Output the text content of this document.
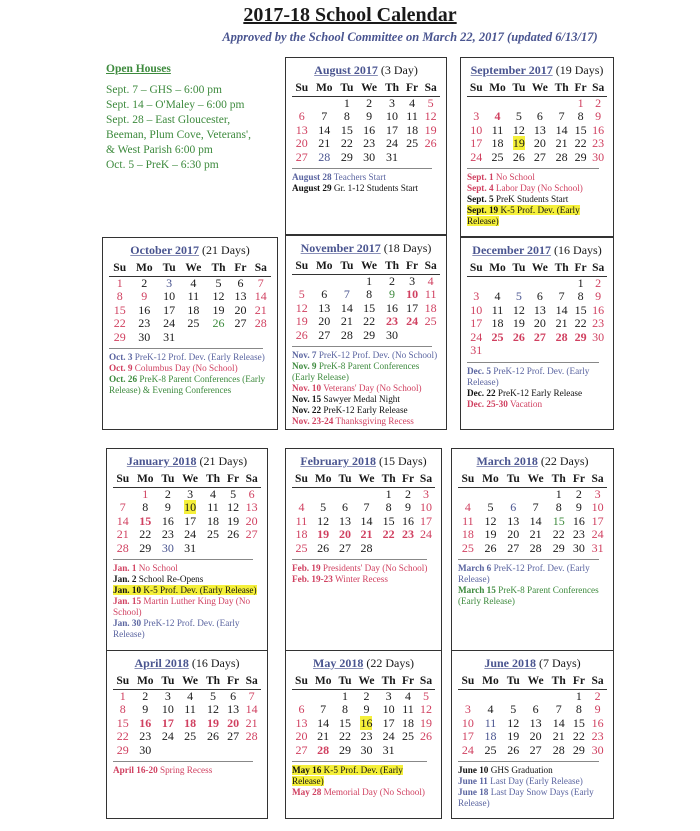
2017-18 School Calendar
Approved by the School Committee on March 22, 2017 (updated 6/13/17)
Open Houses
Sept. 7 – GHS – 6:00 pm
Sept. 14 – O'Maley – 6:00 pm
Sept. 28 – East Gloucester,
Beeman, Plum Cove, Veterans',
& West Parish 6:00 pm
Oct. 5 – PreK – 6:30 pm
August 2017 (3 Day)
Su	Mo	Tu	We	Th	Fr	Sa
		1	2	3	4	5
6	7	8	9	10	11	12
13	14	15	16	17	18	19
20	21	22	23	24	25	26
27	28	29	30	31		
August 28 Teachers Start
August 29 Gr. 1-12 Students Start
September 2017 (19 Days)
Su	Mo	Tu	We	Th	Fr	Sa
					1	2
3	4	5	6	7	8	9
10	11	12	13	14	15	16
17	18	19	20	21	22	23
24	25	26	27	28	29	30
Sept. 1 No School
Sept. 4 Labor Day (No School)
Sept. 5 PreK Students Start
Sept. 19 K-5 Prof. Dev. (Early Release)
October 2017 (21 Days)
Su	Mo	Tu	We	Th	Fr	Sa
1	2	3	4	5	6	7
8	9	10	11	12	13	14
15	16	17	18	19	20	21
22	23	24	25	26	27	28
29	30	31				
Oct. 3 PreK-12 Prof. Dev. (Early Release)
Oct. 9 Columbus Day (No School)
Oct. 26 PreK-8 Parent Conferences (Early Release) & Evening Conferences
November 2017 (18 Days)
Su	Mo	Tu	We	Th	Fr	Sa
			1	2	3	4
5	6	7	8	9	10	11
12	13	14	15	16	17	18
19	20	21	22	23	24	25
26	27	28	29	30		
Nov. 7 PreK-12 Prof. Dev. (No School)
Nov. 9 PreK-8 Parent Conferences (Early Release)
Nov. 10 Veterans' Day (No School)
Nov. 15 Sawyer Medal Night
Nov. 22 PreK-12 Early Release
Nov. 23-24 Thanksgiving Recess
December 2017 (16 Days)
Su	Mo	Tu	We	Th	Fr	Sa
					1	2
3	4	5	6	7	8	9
10	11	12	13	14	15	16
17	18	19	20	21	22	23
24	25	26	27	28	29	30
31						
Dec. 5 PreK-12 Prof. Dev. (Early Release)
Dec. 22 PreK-12 Early Release
Dec. 25-30 Vacation
January 2018 (21 Days)
Su	Mo	Tu	We	Th	Fr	Sa
	1	2	3	4	5	6
7	8	9	10	11	12	13
14	15	16	17	18	19	20
21	22	23	24	25	26	27
28	29	30	31			
Jan. 1 No School
Jan. 2 School Re-Opens
Jan. 10 K-5 Prof. Dev. (Early Release)
Jan. 15 Martin Luther King Day (No School)
Jan. 30 PreK-12 Prof. Dev. (Early Release)
February 2018 (15 Days)
Su	Mo	Tu	We	Th	Fr	Sa
				1	2	3
4	5	6	7	8	9	10
11	12	13	14	15	16	17
18	19	20	21	22	23	24
25	26	27	28			
Feb. 19 Presidents' Day (No School)
Feb. 19-23 Winter Recess
March 2018 (22 Days)
Su	Mo	Tu	We	Th	Fr	Sa
				1	2	3
4	5	6	7	8	9	10
11	12	13	14	15	16	17
18	19	20	21	22	23	24
25	26	27	28	29	30	31
March 6 PreK-12 Prof. Dev. (Early Release)
March 15 PreK-8 Parent Conferences (Early Release)
April 2018 (16 Days)
Su	Mo	Tu	We	Th	Fr	Sa
1	2	3	4	5	6	7
8	9	10	11	12	13	14
15	16	17	18	19	20	21
22	23	24	25	26	27	28
29	30					
April 16-20 Spring Recess
May 2018 (22 Days)
Su	Mo	Tu	We	Th	Fr	Sa
		1	2	3	4	5
6	7	8	9	10	11	12
13	14	15	16	17	18	19
20	21	22	23	24	25	26
27	28	29	30	31		
May 16 K-5 Prof. Dev. (Early Release)
May 28 Memorial Day (No School)
June 2018 (7 Days)
Su	Mo	Tu	We	Th	Fr	Sa
					1	2
3	4	5	6	7	8	9
10	11	12	13	14	15	16
17	18	19	20	21	22	23
24	25	26	27	28	29	30
June 10 GHS Graduation
June 11 Last Day (Early Release)
June 18 Last Day Snow Days (Early Release)
